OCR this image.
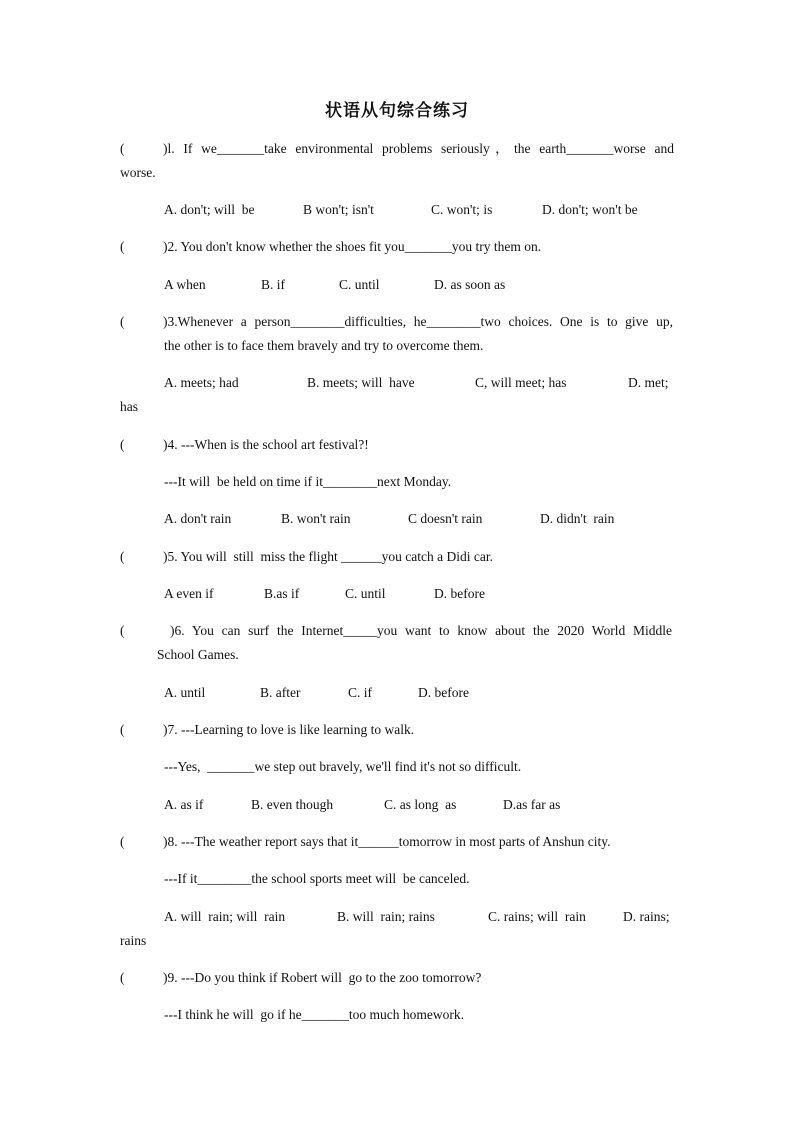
状语从句综合练习
(	)l. If we_______take environmental problems seriously，the earth_______worse and
worse.
A. don't; will  be	B won't; isn't	C. won't; is	D. don't; won't be
(	)2. You don't know whether the shoes fit you_______you try them on.
A when	B. if	C. until	D. as soon as
(	)3.Whenever a person________difficulties, he________two choices. One is to give up,
the other is to face them bravely and try to overcome them.
A. meets; had	B. meets; will  have	C, will meet; has	D. met;
has
(	)4. ---When is the school art festival?!
---It will  be held on time if it________next Monday.
A. don't rain	B. won't rain	C doesn't rain	D. didn't  rain
(	)5. You will  still  miss the flight ______you catch a Didi car.
A even if	B.as if	C. until	D. before
(	)6. You can surf the Internet_____you want to know about the 2020 World Middle
School Games.
A. until	B. after	C. if	D. before
(	)7. ---Learning to love is like learning to walk.
---Yes,  _______we step out bravely, we'll find it's not so difficult.
A. as if	B. even though	C. as long  as	D.as far as
(	)8. ---The weather report says that it______tomorrow in most parts of Anshun city.
---If it________the school sports meet will  be canceled.
A. will  rain; will  rain	B. will  rain; rains	C. rains; will  rain	D. rains;
rains
(	)9. ---Do you think if Robert will  go to the zoo tomorrow?
---I think he will  go if he_______too much homework.
